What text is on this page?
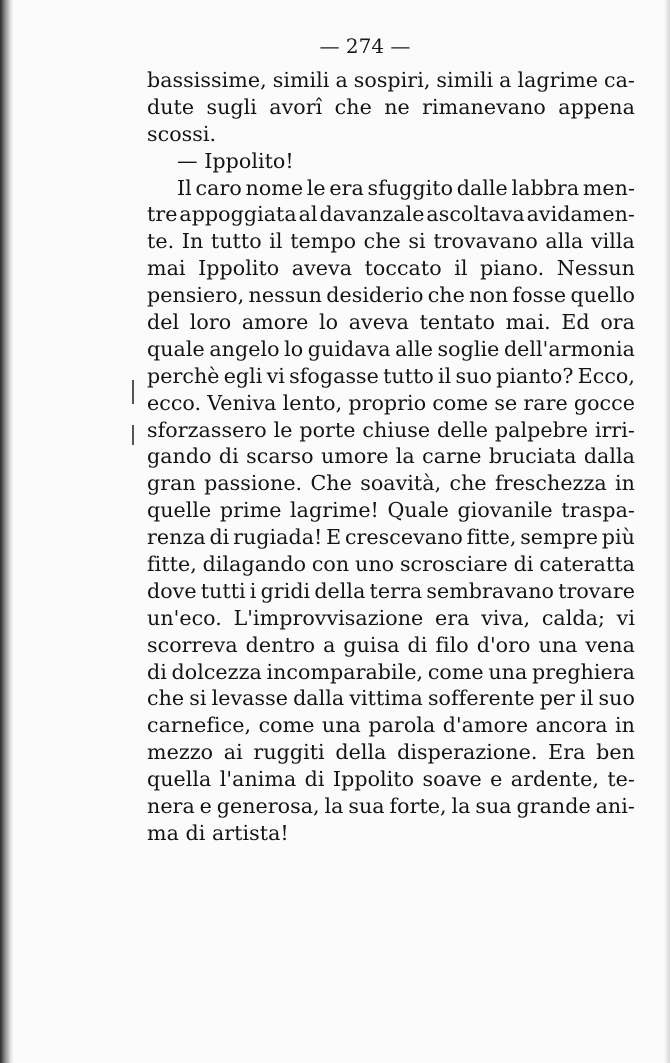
— 274 —
bassissime, simili a sospiri, simili a lagrime ca-
dute sugli avorî che ne rimanevano appena
scossi.
— Ippolito!
Il caro nome le era sfuggito dalle labbra men-
tre appoggiata al davanzale ascoltava avidamen-
te. In tutto il tempo che si trovavano alla villa
mai Ippolito aveva toccato il piano. Nessun
pensiero, nessun desiderio che non fosse quello
del loro amore lo aveva tentato mai. Ed ora
quale angelo lo guidava alle soglie dell'armonia
perchè egli vi sfogasse tutto il suo pianto? Ecco,
ecco. Veniva lento, proprio come se rare gocce
sforzassero le porte chiuse delle palpebre irri-
gando di scarso umore la carne bruciata dalla
gran passione. Che soavità, che freschezza in
quelle prime lagrime! Quale giovanile traspa-
renza di rugiada! E crescevano fitte, sempre più
fitte, dilagando con uno scrosciare di cateratta
dove tutti i gridi della terra sembravano trovare
un'eco. L'improvvisazione era viva, calda; vi
scorreva dentro a guisa di filo d'oro una vena
di dolcezza incomparabile, come una preghiera
che si levasse dalla vittima sofferente per il suo
carnefice, come una parola d'amore ancora in
mezzo ai ruggiti della disperazione. Era ben
quella l'anima di Ippolito soave e ardente, te-
nera e generosa, la sua forte, la sua grande ani-
ma di artista!
